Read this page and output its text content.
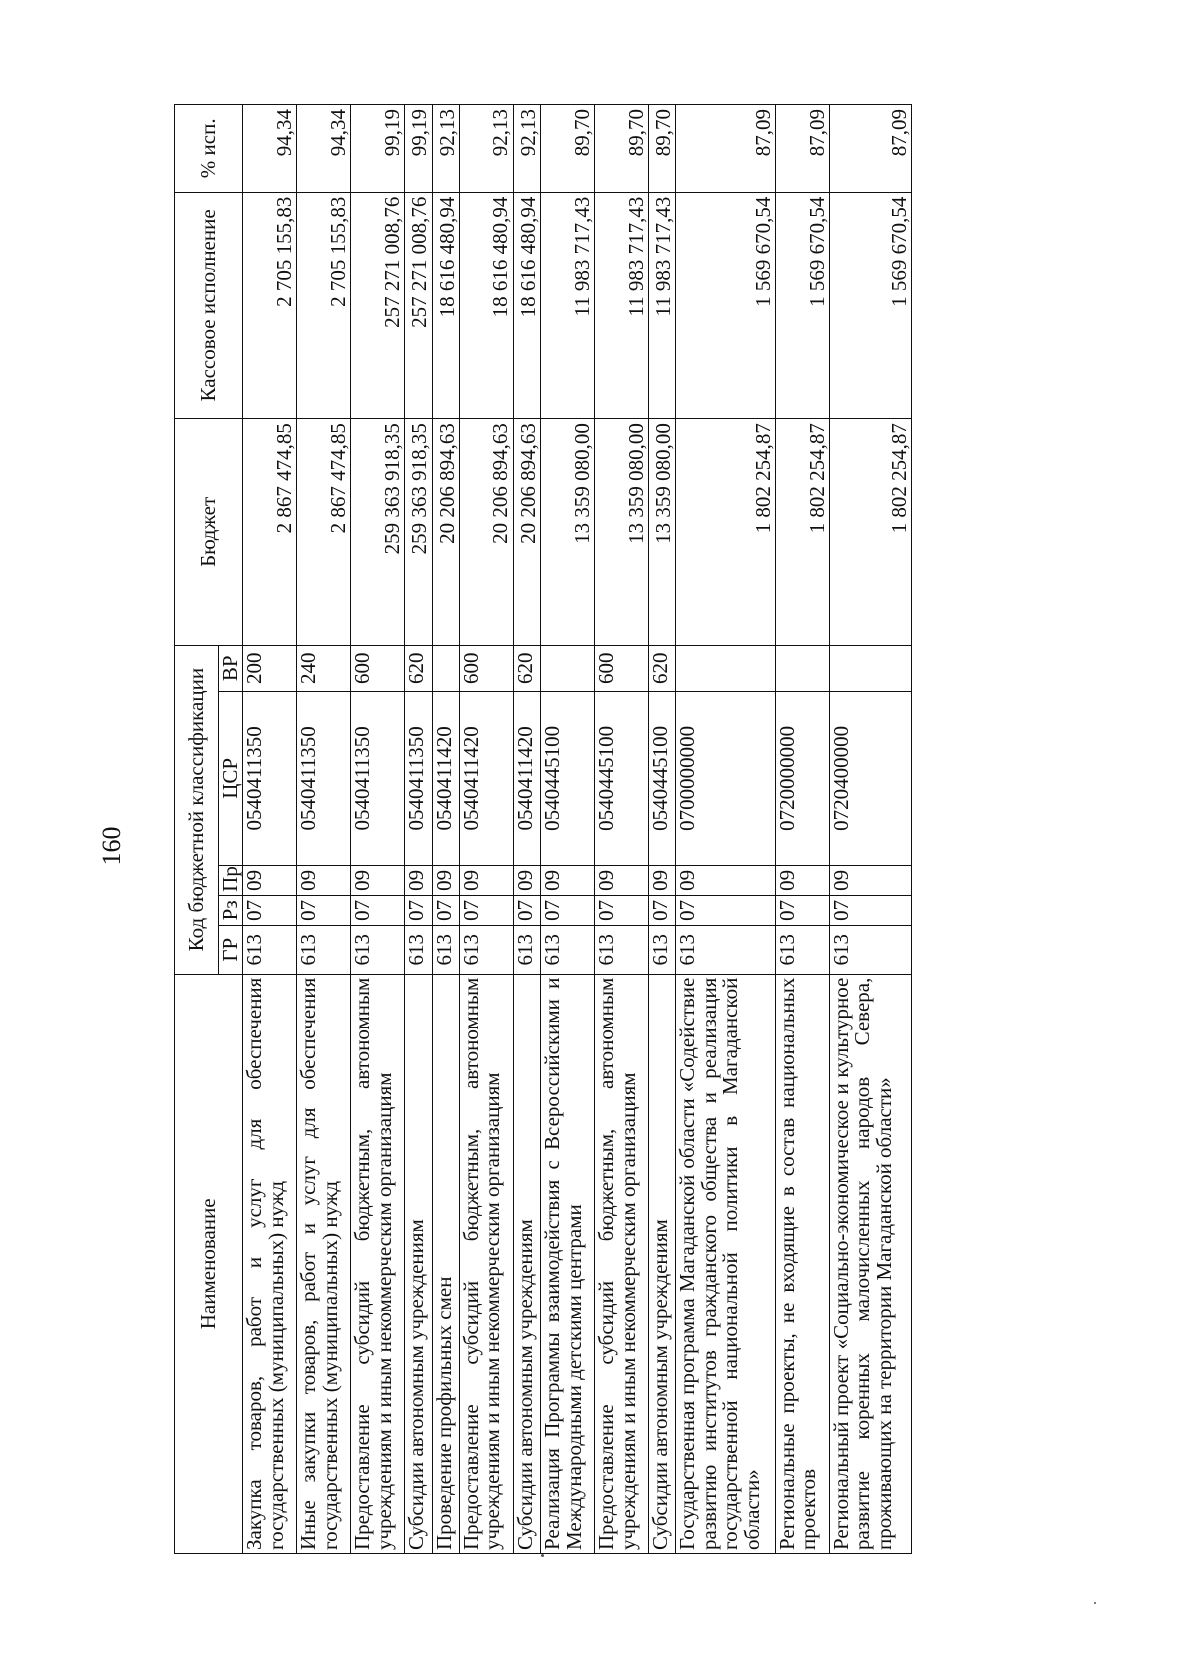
160
Наименование	Код бюджетной классификации					Бюджет	Кассовое исполнение	% исп.
	ГР	Рз	Пр	ЦСР	ВР			
Закупка товаров, работ и услуг для обеспечения государственных (муниципальных) нужд	613	07	09	0540411350	200	2 867 474,85	2 705 155,83	94,34
Иные закупки товаров, работ и услуг для обеспечения государственных (муниципальных) нужд	613	07	09	0540411350	240	2 867 474,85	2 705 155,83	94,34
Предоставление субсидий бюджетным, автономным учреждениям и иным некоммерческим организациям	613	07	09	0540411350	600	259 363 918,35	257 271 008,76	99,19
Субсидии автономным учреждениям	613	07	09	0540411350	620	259 363 918,35	257 271 008,76	99,19
Проведение профильных смен	613	07	09	0540411420		20 206 894,63	18 616 480,94	92,13
Предоставление субсидий бюджетным, автономным учреждениям и иным некоммерческим организациям	613	07	09	0540411420	600	20 206 894,63	18 616 480,94	92,13
Субсидии автономным учреждениям	613	07	09	0540411420	620	20 206 894,63	18 616 480,94	92,13
Реализация Программы взаимодействия с Всероссийскими и Международными детскими центрами	613	07	09	0540445100		13 359 080,00	11 983 717,43	89,70
Предоставление субсидий бюджетным, автономным учреждениям и иным некоммерческим организациям	613	07	09	0540445100	600	13 359 080,00	11 983 717,43	89,70
Субсидии автономным учреждениям	613	07	09	0540445100	620	13 359 080,00	11 983 717,43	89,70
Государственная программа Магаданской области «Содействие развитию институтов гражданского общества и реализация государственной национальной политики в Магаданской области»	613	07	09	0700000000		1 802 254,87	1 569 670,54	87,09
Региональные проекты, не входящие в состав национальных проектов	613	07	09	0720000000		1 802 254,87	1 569 670,54	87,09
Региональный проект «Социально-экономическое и культурное развитие коренных малочисленных народов Севера, проживающих на территории Магаданской области»	613	07	09	0720400000		1 802 254,87	1 569 670,54	87,09
